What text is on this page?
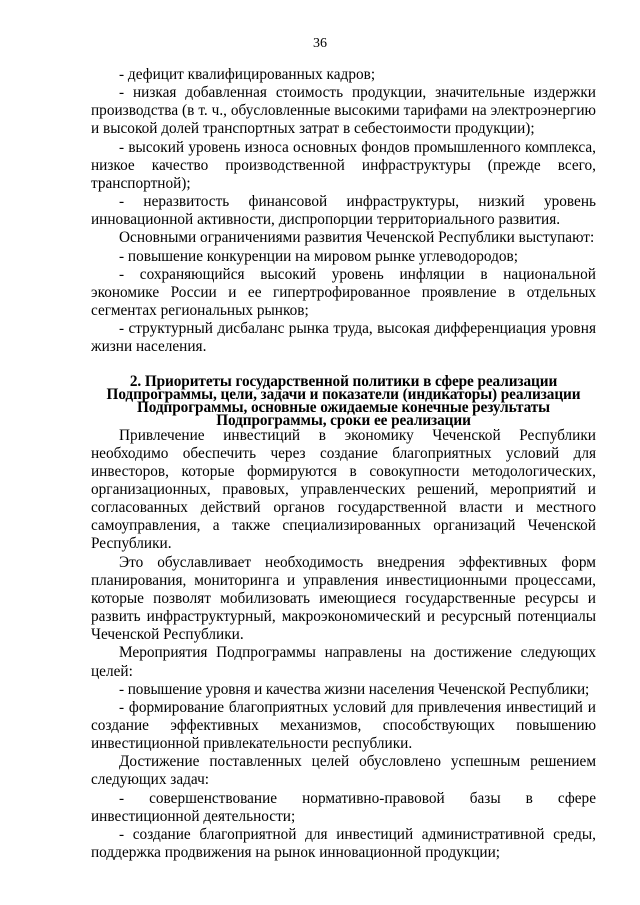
36

- дефицит квалифицированных кадров;

- низкая добавленная стоимость продукции, значительные издержки производства (в т. ч., обусловленные высокими тарифами на электроэнергию и высокой долей транспортных затрат в себестоимости продукции);

- высокий уровень износа основных фондов промышленного комплекса, низкое качество производственной инфраструктуры (прежде всего, транспортной);

- неразвитость финансовой инфраструктуры, низкий уровень инновационной активности, диспропорции территориального развития.

Основными ограничениями развития Чеченской Республики выступают:

- повышение конкуренции на мировом рынке углеводородов;

- сохраняющийся высокий уровень инфляции в национальной экономике России и ее гипертрофированное проявление в отдельных сегментах региональных рынков;

- структурный дисбаланс рынка труда, высокая дифференциация уровня жизни населения.

2. Приоритеты государственной политики в сфере реализации
Подпрограммы, цели, задачи и показатели (индикаторы) реализации
Подпрограммы, основные ожидаемые конечные результаты
Подпрограммы, сроки ее реализации

Привлечение инвестиций в экономику Чеченской Республики необходимо обеспечить через создание благоприятных условий для инвесторов, которые формируются в совокупности методологических, организационных, правовых, управленческих решений, мероприятий и согласованных действий органов государственной власти и местного самоуправления, а также специализированных организаций Чеченской Республики.

Это обуславливает необходимость внедрения эффективных форм планирования, мониторинга и управления инвестиционными процессами, которые позволят мобилизовать имеющиеся государственные ресурсы и развить инфраструктурный, макроэкономический и ресурсный потенциалы Чеченской Республики.

Мероприятия Подпрограммы направлены на достижение следующих целей:

- повышение уровня и качества жизни населения Чеченской Республики;

- формирование благоприятных условий для привлечения инвестиций и создание эффективных механизмов, способствующих повышению инвестиционной привлекательности республики.

Достижение поставленных целей обусловлено успешным решением следующих задач:

- совершенствование нормативно-правовой базы в сфере инвестиционной деятельности;

- создание благоприятной для инвестиций административной среды, поддержка продвижения на рынок инновационной продукции;
